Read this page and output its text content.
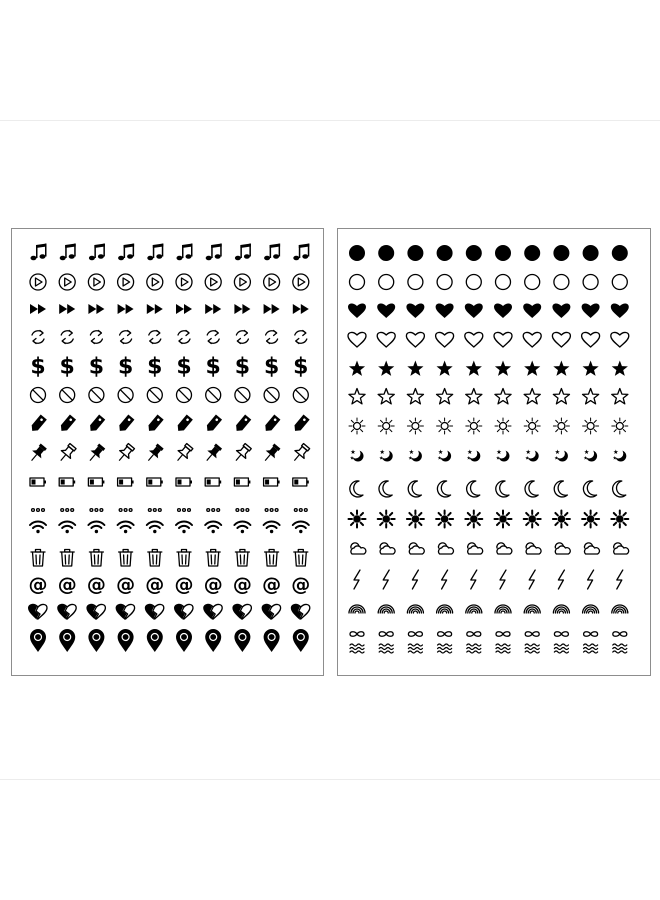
$ $ $ $ $ $ $ $ $ $
@ @ @ @ @ @ @ @ @ @
